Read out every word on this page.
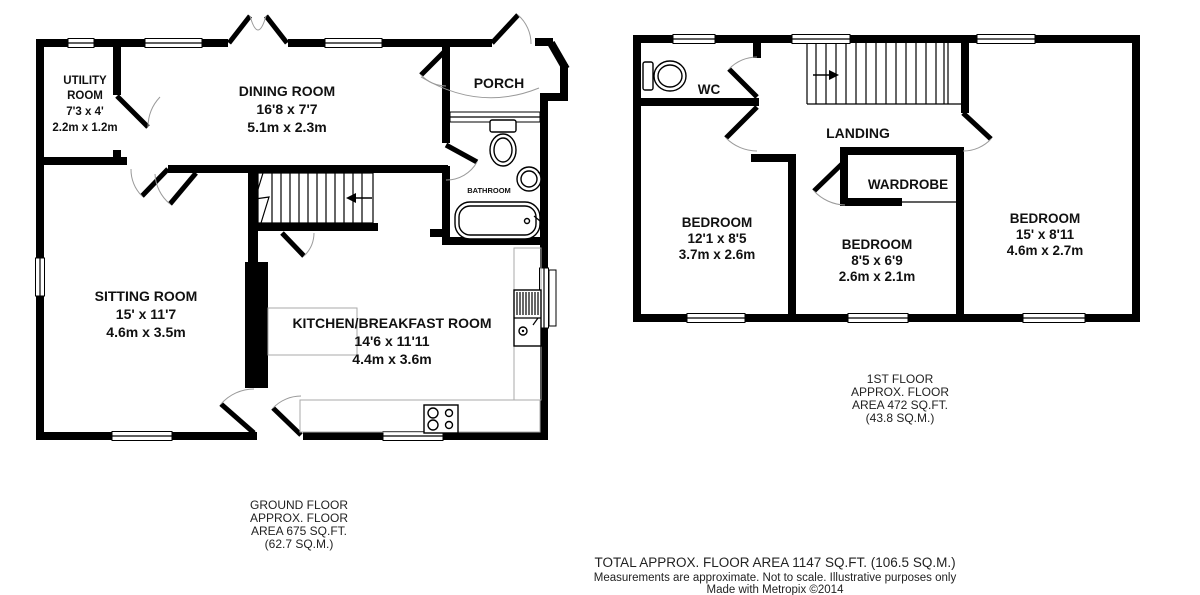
UTILITY
ROOM
7'3 x 4'
2.2m x 1.2m
DINING ROOM
16'8 x 7'7
5.1m x 2.3m
PORCH
BATHROOM
SITTING ROOM
15' x 11'7
4.6m x 3.5m
KITCHEN/BREAKFAST ROOM
14'6 x 11'11
4.4m x 3.6m
GROUND FLOOR
APPROX. FLOOR
AREA 675 SQ.FT.
(62.7 SQ.M.)
WC
LANDING
WARDROBE
BEDROOM
12'1 x 8'5
3.7m x 2.6m
BEDROOM
8'5 x 6'9
2.6m x 2.1m
BEDROOM
15' x 8'11
4.6m x 2.7m
1ST FLOOR
APPROX. FLOOR
AREA 472 SQ.FT.
(43.8 SQ.M.)
TOTAL APPROX. FLOOR AREA 1147 SQ.FT. (106.5 SQ.M.)
Measurements are approximate. Not to scale. Illustrative purposes only
Made with Metropix ©2014
